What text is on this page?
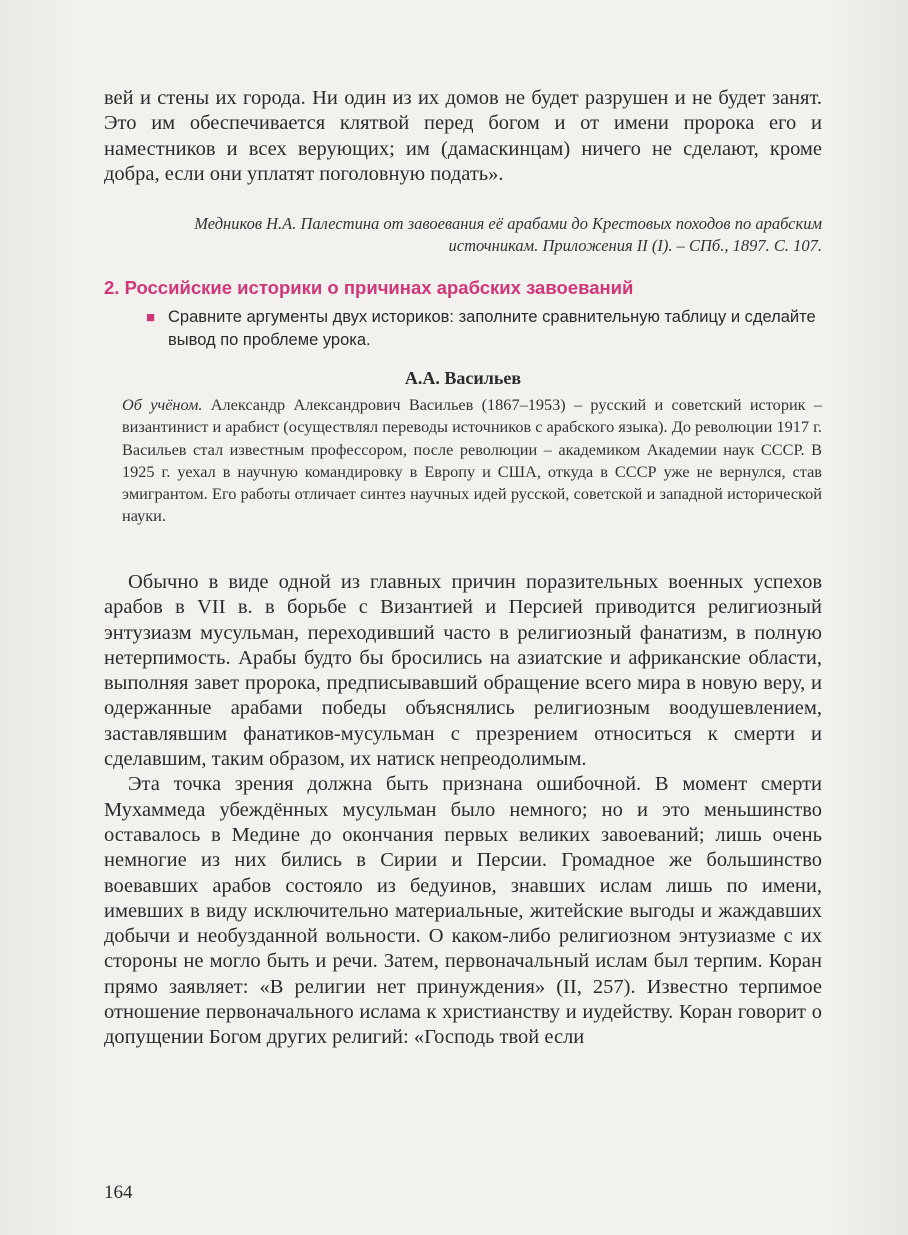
вей и стены их города. Ни один из их домов не будет разрушен и не будет занят. Это им обеспечивается клятвой перед богом и от имени пророка его и наместников и всех верующих; им (дамаскинцам) ничего не сделают, кроме добра, если они уплатят поголовную подать».

Медников Н.А. Палестина от завоевания её арабами до Крестовых походов по арабским источникам. Приложения II (I). – СПб., 1897. С. 107.

2. Российские историки о причинах арабских завоеваний
■ Сравните аргументы двух историков: заполните сравнительную таблицу и сделайте вывод по проблеме урока.
А.А. Васильев

Об учёном. Александр Александрович Васильев (1867–1953) – русский и советский историк – византинист и арабист (осуществлял переводы источников с арабского языка). До революции 1917 г. Васильев стал известным профессором, после революции – академиком Академии наук СССР. В 1925 г. уехал в научную командировку в Европу и США, откуда в СССР уже не вернулся, став эмигрантом. Его работы отличает синтез научных идей русской, советской и западной исторической науки.

Обычно в виде одной из главных причин поразительных военных успехов арабов в VII в. в борьбе с Византией и Персией приводится религиозный энтузиазм мусульман, переходивший часто в религиозный фанатизм, в полную нетерпимость. Арабы будто бы бросились на азиатские и африканские области, выполняя завет пророка, предписывавший обращение всего мира в новую веру, и одержанные арабами победы объяснялись религиозным воодушевлением, заставлявшим фанатиков-мусульман с презрением относиться к смерти и сделавшим, таким образом, их натиск непреодолимым.

Эта точка зрения должна быть признана ошибочной. В момент смерти Мухаммеда убеждённых мусульман было немного; но и это меньшинство оставалось в Медине до окончания первых великих завоеваний; лишь очень немногие из них бились в Сирии и Персии. Громадное же большинство воевавших арабов состояло из бедуинов, знавших ислам лишь по имени, имевших в виду исключительно материальные, житейские выгоды и жаждавших добычи и необузданной вольности. О каком-либо религиозном энтузиазме с их стороны не могло быть и речи. Затем, первоначальный ислам был терпим. Коран прямо заявляет: «В религии нет принуждения» (II, 257). Известно терпимое отношение первоначального ислама к христианству и иудейству. Коран говорит о допущении Богом других религий: «Господь твой если

164
